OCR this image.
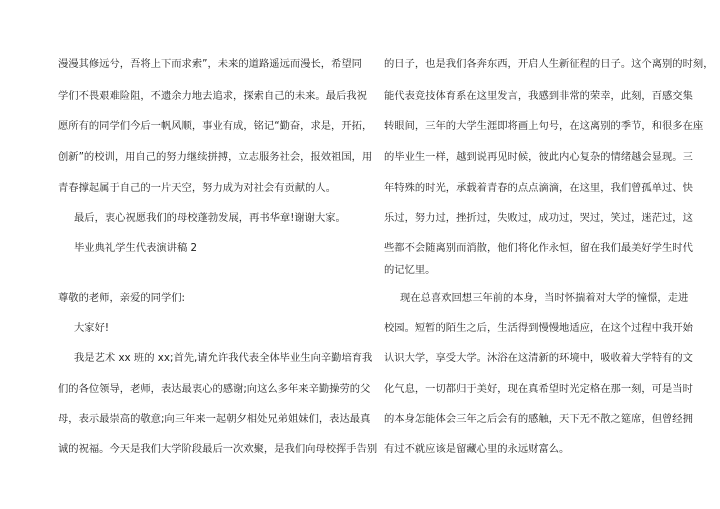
漫漫其修远兮，吾将上下而求索”，未来的道路遥远而漫长，希望同
学们不畏艰难险阻，不遗余力地去追求，探索自己的未来。最后我祝
愿所有的同学们今后一帆风顺，事业有成，铭记“勤奋，求是，开拓，
创新”的校训，用自己的努力继续拼搏，立志服务社会，报效祖国，用
青春撑起属于自己的一片天空，努力成为对社会有贡献的人。
最后，衷心祝愿我们的母校蓬勃发展，再书华章!谢谢大家。
毕业典礼学生代表演讲稿 2
尊敬的老师，亲爱的同学们:
大家好!
我是艺术 xx 班的 xx;首先,请允许我代表全体毕业生向辛勤培育我
们的各位领导，老师，表达最衷心的感谢;向这么多年来辛勤操劳的父
母，表示最崇高的敬意;向三年来一起朝夕相处兄弟姐妹们，表达最真
诚的祝福。今天是我们大学阶段最后一次欢聚，是我们向母校挥手告别
的日子，也是我们各奔东西，开启人生新征程的日子。这个离别的时刻，
能代表竞技体育系在这里发言，我感到非常的荣幸，此刻，百感交集
转眼间，三年的大学生涯即将画上句号，在这离别的季节，和很多在座
的毕业生一样，越到说再见时候，彼此内心复杂的情绪越会显现。三
年特殊的时光，承载着青春的点点滴滴，在这里，我们曾孤单过、快
乐过，努力过，挫折过，失败过，成功过，哭过，笑过，迷茫过，这
些都不会随离别而消散，他们将化作永恒，留在我们最美好学生时代
的记忆里。
现在总喜欢回想三年前的本身，当时怀揣着对大学的憧憬，走进
校园。短暂的陌生之后，生活得到慢慢地适应，在这个过程中我开始
认识大学，享受大学。沐浴在这清新的环境中，吸收着大学特有的文
化气息，一切都归于美好，现在真希望时光定格在那一刻，可是当时
的本身怎能体会三年之后会有的感触，天下无不散之筵席，但曾经拥
有过不就应该是留藏心里的永远财富么。
